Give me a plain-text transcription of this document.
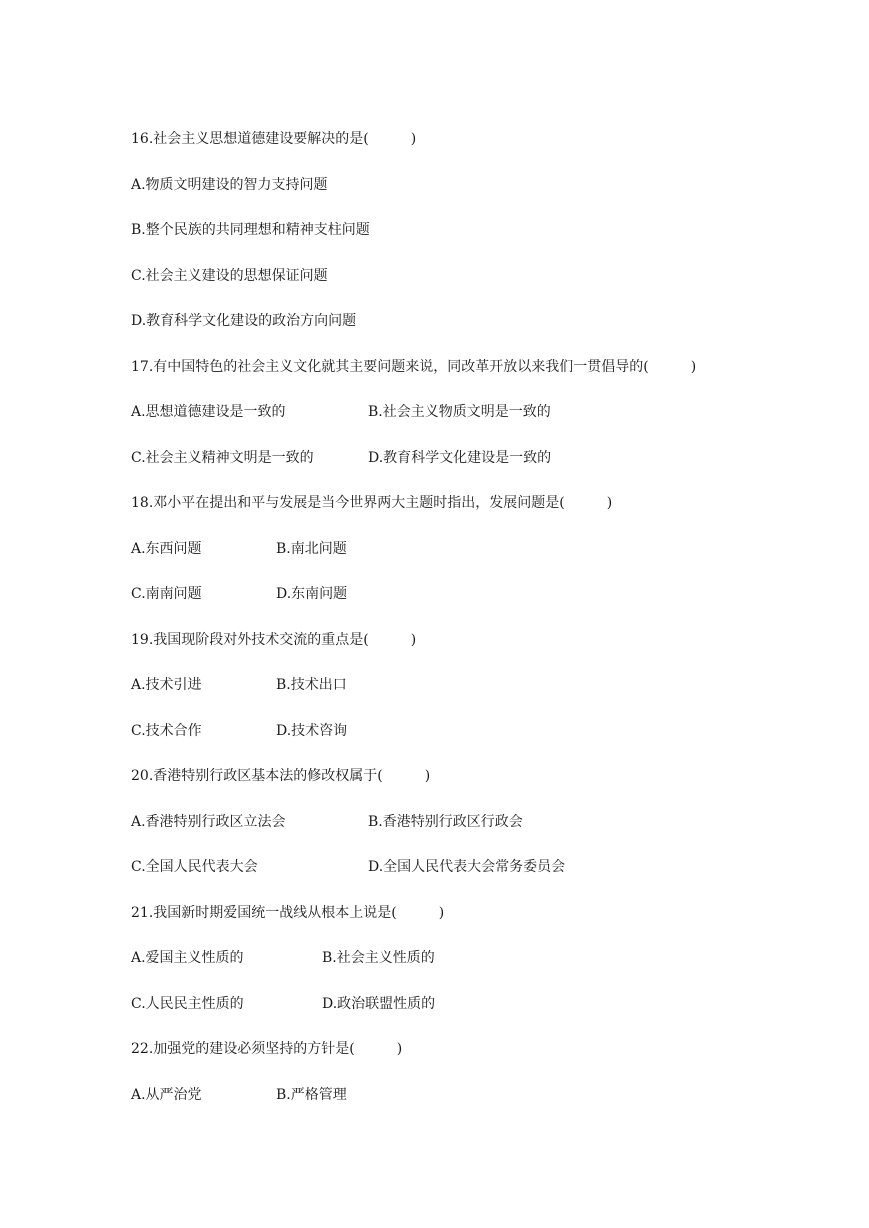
16.社会主义思想道德建设要解决的是(　　　)
A.物质文明建设的智力支持问题
B.整个民族的共同理想和精神支柱问题
C.社会主义建设的思想保证问题
D.教育科学文化建设的政治方向问题
17.有中国特色的社会主义文化就其主要问题来说，同改革开放以来我们一贯倡导的(　　　)
A.思想道德建设是一致的	B.社会主义物质文明是一致的
C.社会主义精神文明是一致的	D.教育科学文化建设是一致的
18.邓小平在提出和平与发展是当今世界两大主题时指出，发展问题是(　　　)
A.东西问题	B.南北问题
C.南南问题	D.东南问题
19.我国现阶段对外技术交流的重点是(　　　)
A.技术引进	B.技术出口
C.技术合作	D.技术咨询
20.香港特别行政区基本法的修改权属于(　　　)
A.香港特别行政区立法会	B.香港特别行政区行政会
C.全国人民代表大会	D.全国人民代表大会常务委员会
21.我国新时期爱国统一战线从根本上说是(　　　)
A.爱国主义性质的	B.社会主义性质的
C.人民民主性质的	D.政治联盟性质的
22.加强党的建设必须坚持的方针是(　　　)
A.从严治党	B.严格管理
